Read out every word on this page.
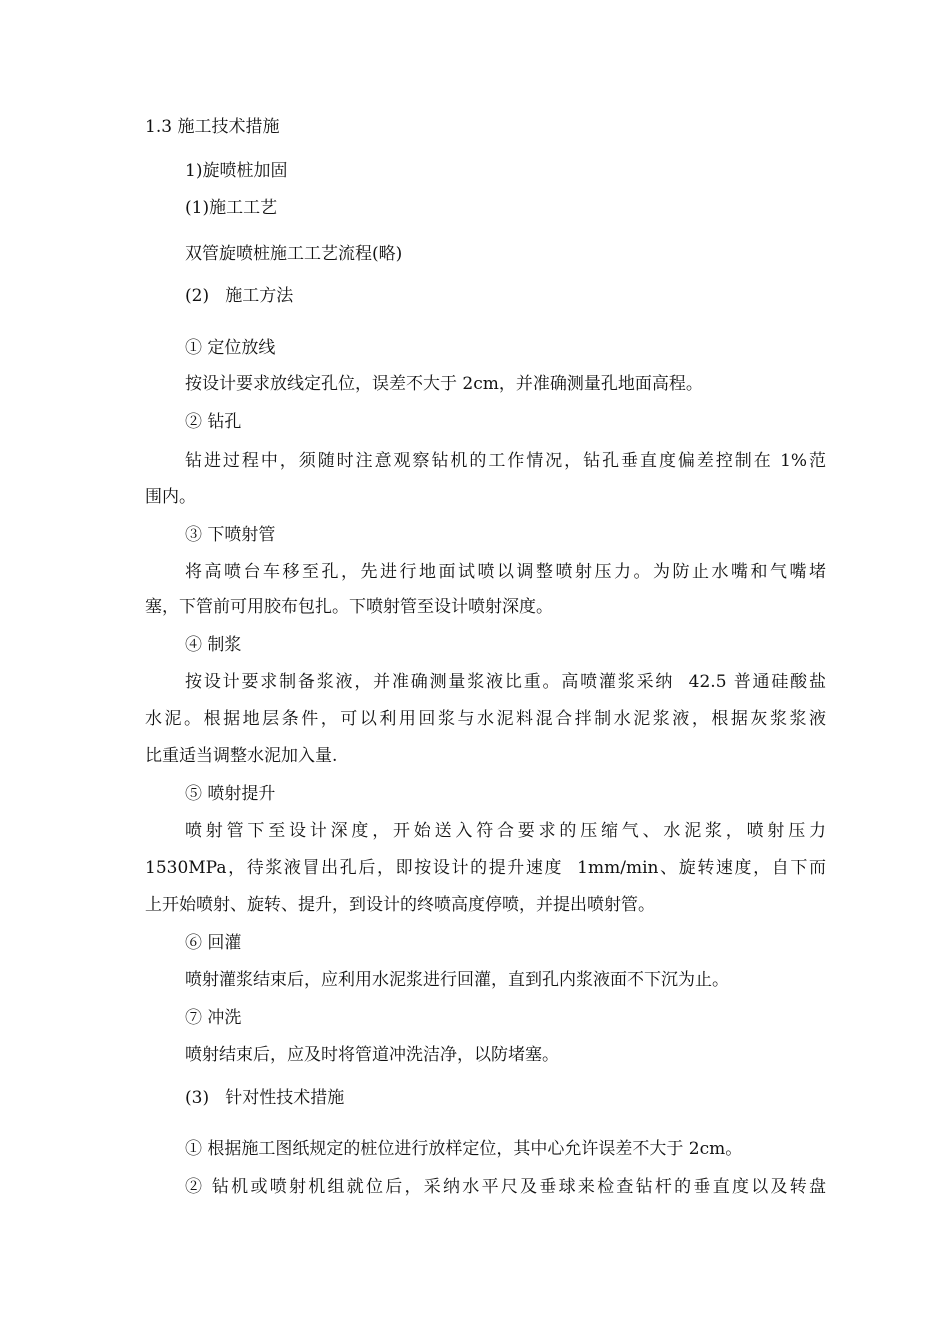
1.3 施工技术措施

1)旋喷桩加固

(1)施工工艺

双管旋喷桩施工工艺流程(略)

(2)   施工方法

① 定位放线

按设计要求放线定孔位，误差不大于 2cm，并准确测量孔地面高程。

② 钻孔

钻进过程中，须随时注意观察钻机的工作情况，钻孔垂直度偏差控制在 1%范

围内。

③ 下喷射管

将高喷台车移至孔，先进行地面试喷以调整喷射压力。为防止水嘴和气嘴堵

塞，下管前可用胶布包扎。下喷射管至设计喷射深度。

④ 制浆

按设计要求制备浆液，并准确测量浆液比重。高喷灌浆采纳  42.5 普通硅酸盐

水泥。根据地层条件，可以利用回浆与水泥料混合拌制水泥浆液，根据灰浆浆液

比重适当调整水泥加入量.

⑤ 喷射提升

喷射管下至设计深度，开始送入符合要求的压缩气、水泥浆，喷射压力

1530MPa，待浆液冒出孔后，即按设计的提升速度  1mm/min、旋转速度，自下而

上开始喷射、旋转、提升，到设计的终喷高度停喷，并提出喷射管。

⑥ 回灌

喷射灌浆结束后，应利用水泥浆进行回灌，直到孔内浆液面不下沉为止。

⑦ 冲洗

喷射结束后，应及时将管道冲洗洁净，以防堵塞。

(3)   针对性技术措施

① 根据施工图纸规定的桩位进行放样定位，其中心允许误差不大于 2cm。

② 钻机或喷射机组就位后，采纳水平尺及垂球来检查钻杆的垂直度以及转盘
